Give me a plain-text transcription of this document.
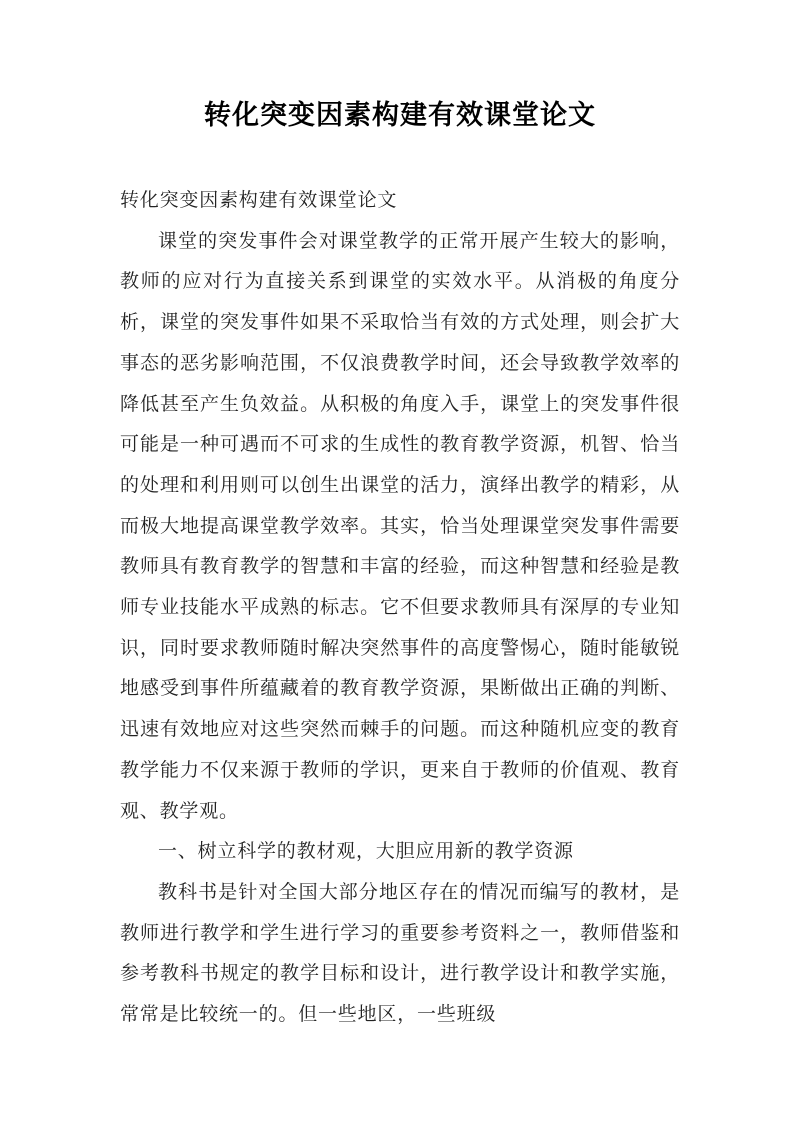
转化突变因素构建有效课堂论文

转化突变因素构建有效课堂论文

课堂的突发事件会对课堂教学的正常开展产生较大的影响，教师的应对行为直接关系到课堂的实效水平。从消极的角度分析，课堂的突发事件如果不采取恰当有效的方式处理，则会扩大事态的恶劣影响范围，不仅浪费教学时间，还会导致教学效率的降低甚至产生负效益。从积极的角度入手，课堂上的突发事件很可能是一种可遇而不可求的生成性的教育教学资源，机智、恰当的处理和利用则可以创生出课堂的活力，演绎出教学的精彩，从而极大地提高课堂教学效率。其实，恰当处理课堂突发事件需要教师具有教育教学的智慧和丰富的经验，而这种智慧和经验是教师专业技能水平成熟的标志。它不但要求教师具有深厚的专业知识，同时要求教师随时解决突然事件的高度警惕心，随时能敏锐地感受到事件所蕴藏着的教育教学资源，果断做出正确的判断、迅速有效地应对这些突然而棘手的问题。而这种随机应变的教育教学能力不仅来源于教师的学识，更来自于教师的价值观、教育观、教学观。

一、树立科学的教材观，大胆应用新的教学资源

教科书是针对全国大部分地区存在的情况而编写的教材，是教师进行教学和学生进行学习的重要参考资料之一，教师借鉴和参考教科书规定的教学目标和设计，进行教学设计和教学实施，常常是比较统一的。但一些地区，一些班级
